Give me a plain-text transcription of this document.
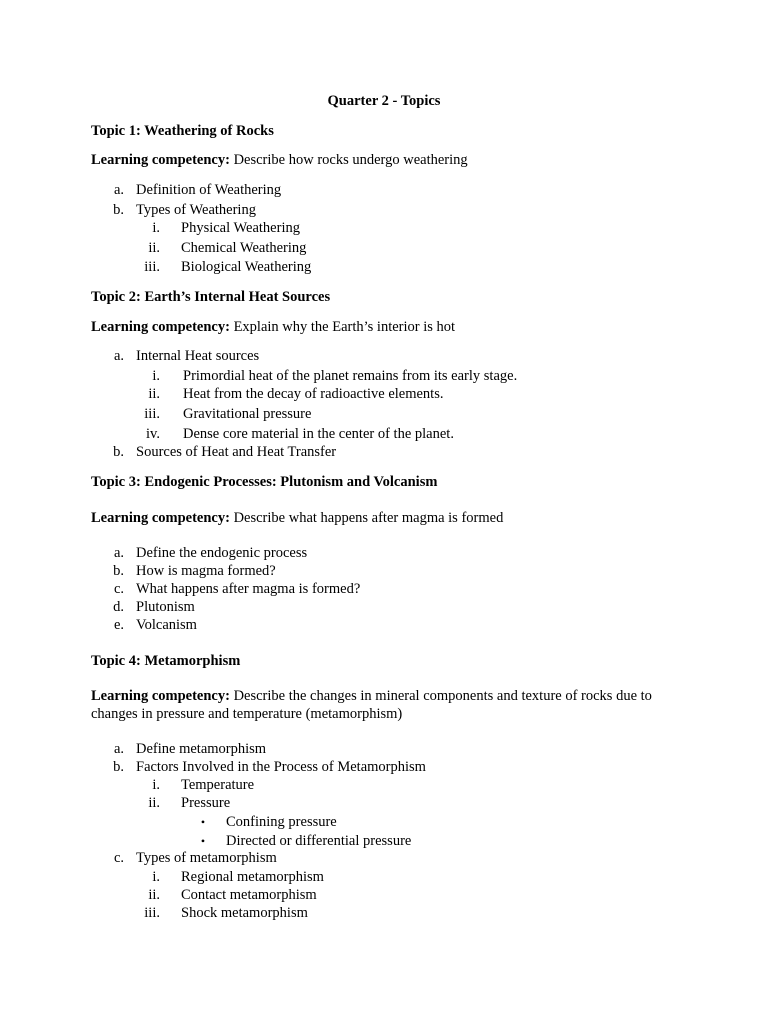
Quarter 2 - Topics
Topic 1: Weathering of Rocks
Learning competency: Describe how rocks undergo weathering
a. Definition of Weathering
b. Types of Weathering
i. Physical Weathering
ii. Chemical Weathering
iii. Biological Weathering
Topic 2: Earth’s Internal Heat Sources
Learning competency: Explain why the Earth’s interior is hot
a. Internal Heat sources
i. Primordial heat of the planet remains from its early stage.
ii. Heat from the decay of radioactive elements.
iii. Gravitational pressure
iv. Dense core material in the center of the planet.
b. Sources of Heat and Heat Transfer
Topic 3: Endogenic Processes: Plutonism and Volcanism
Learning competency: Describe what happens after magma is formed
a. Define the endogenic process
b. How is magma formed?
c. What happens after magma is formed?
d. Plutonism
e. Volcanism
Topic 4: Metamorphism
Learning competency: Describe the changes in mineral components and texture of rocks due to changes in pressure and temperature (metamorphism)
a. Define metamorphism
b. Factors Involved in the Process of Metamorphism
i. Temperature
ii. Pressure
•	Confining pressure
•	Directed or differential pressure
c. Types of metamorphism
i. Regional metamorphism
ii. Contact metamorphism
iii. Shock metamorphism
